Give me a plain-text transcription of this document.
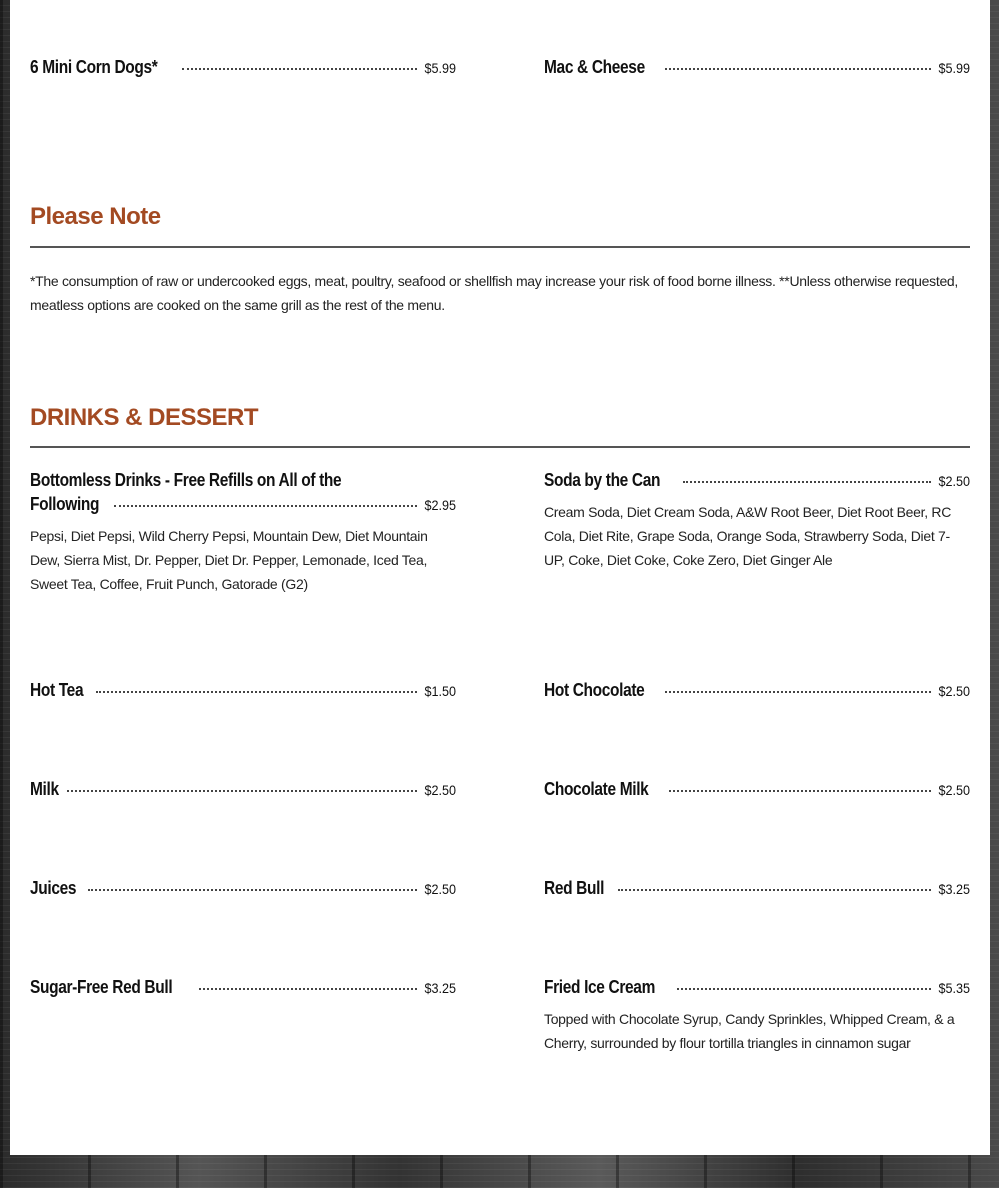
6 Mini Corn Dogs*	$5.99	Mac & Cheese	$5.99
Please Note
*The consumption of raw or undercooked eggs, meat, poultry, seafood or shellfish may increase your risk of food borne illness. **Unless otherwise requested, meatless options are cooked on the same grill as the rest of the menu.
DRINKS & DESSERT
Bottomless Drinks - Free Refills on All of the
Following	$2.95
Pepsi, Diet Pepsi, Wild Cherry Pepsi, Mountain Dew, Diet Mountain Dew, Sierra Mist, Dr. Pepper, Diet Dr. Pepper, Lemonade, Iced Tea, Sweet Tea, Coffee, Fruit Punch, Gatorade (G2)
Soda by the Can	$2.50
Cream Soda, Diet Cream Soda, A&W Root Beer, Diet Root Beer, RC Cola, Diet Rite, Grape Soda, Orange Soda, Strawberry Soda, Diet 7-UP, Coke, Diet Coke, Coke Zero, Diet Ginger Ale
Hot Tea	$1.50	Hot Chocolate	$2.50
Milk	$2.50	Chocolate Milk	$2.50
Juices	$2.50	Red Bull	$3.25
Sugar-Free Red Bull	$3.25	Fried Ice Cream	$5.35
Topped with Chocolate Syrup, Candy Sprinkles, Whipped Cream, & a Cherry, surrounded by flour tortilla triangles in cinnamon sugar
